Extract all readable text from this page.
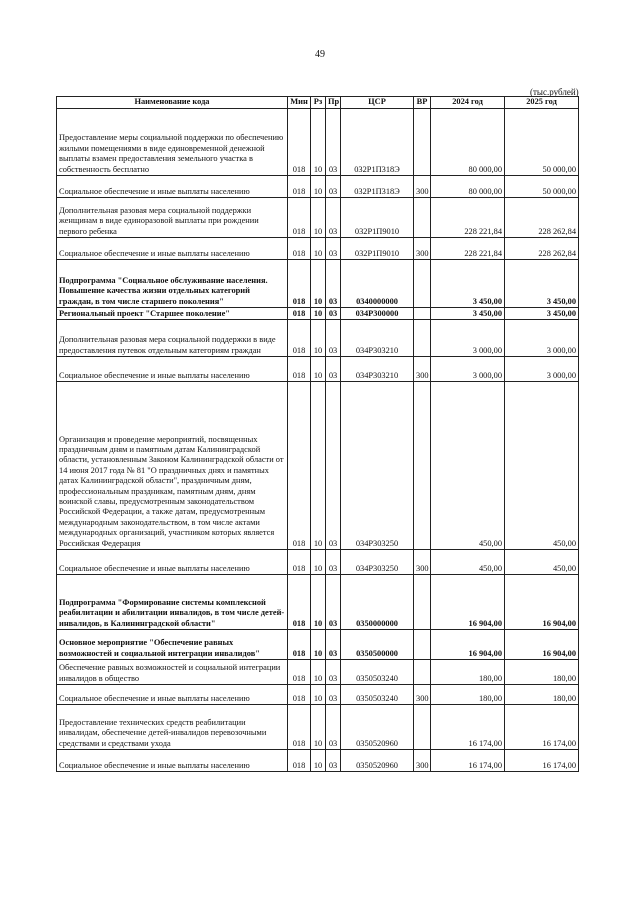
49
(тыс.рублей)
Наименование кода	Мин	Рз	Пр	ЦСР	ВР	2024 год	2025 год
Предоставление меры социальной поддержки по обеспечению жилыми помещениями в виде единовременной денежной выплаты взамен предоставления земельного участка в собственность бесплатно	018	10	03	032Р1П318Э		80 000,00	50 000,00
Социальное обеспечение и иные выплаты населению	018	10	03	032Р1П318Э	300	80 000,00	50 000,00
Дополнительная разовая мера социальной поддержки женщинам в виде единоразовой выплаты при рождении первого ребенка	018	10	03	032Р1П9010		228 221,84	228 262,84
Социальное обеспечение и иные выплаты населению	018	10	03	032Р1П9010	300	228 221,84	228 262,84
Подпрограмма "Социальное обслуживание населения. Повышение качества жизни отдельных категорий граждан, в том числе старшего поколения"	018	10	03	0340000000		3 450,00	3 450,00
Региональный проект "Старшее поколение"	018	10	03	034Р300000		3 450,00	3 450,00
Дополнительная разовая мера социальной поддержки в виде предоставления путевок отдельным категориям граждан	018	10	03	034Р303210		3 000,00	3 000,00
Социальное обеспечение и иные выплаты населению	018	10	03	034Р303210	300	3 000,00	3 000,00
Организация и проведение мероприятий, посвященных праздничным дням и памятным датам Калининградской области, установленным Законом Калининградской области от 14 июня 2017 года № 81 "О праздничных днях и памятных датах Калининградской области", праздничным дням, профессиональным праздникам, памятным дням, дням воинской славы, предусмотренным законодательством Российской Федерации, а также датам, предусмотренным международным законодательством, в том числе актами международных организаций, участником которых является Российская Федерация	018	10	03	034Р303250		450,00	450,00
Социальное обеспечение и иные выплаты населению	018	10	03	034Р303250	300	450,00	450,00
Подпрограмма "Формирование системы комплексной реабилитации и абилитации инвалидов, в том числе детей-инвалидов, в Калининградской области"	018	10	03	0350000000		16 904,00	16 904,00
Основное мероприятие "Обеспечение равных возможностей и социальной интеграции инвалидов"	018	10	03	0350500000		16 904,00	16 904,00
Обеспечение равных возможностей и социальной интеграции инвалидов в общество	018	10	03	0350503240		180,00	180,00
Социальное обеспечение и иные выплаты населению	018	10	03	0350503240	300	180,00	180,00
Предоставление технических средств реабилитации инвалидам, обеспечение детей-инвалидов перевозочными средствами и средствами ухода	018	10	03	0350520960		16 174,00	16 174,00
Социальное обеспечение и иные выплаты населению	018	10	03	0350520960	300	16 174,00	16 174,00
